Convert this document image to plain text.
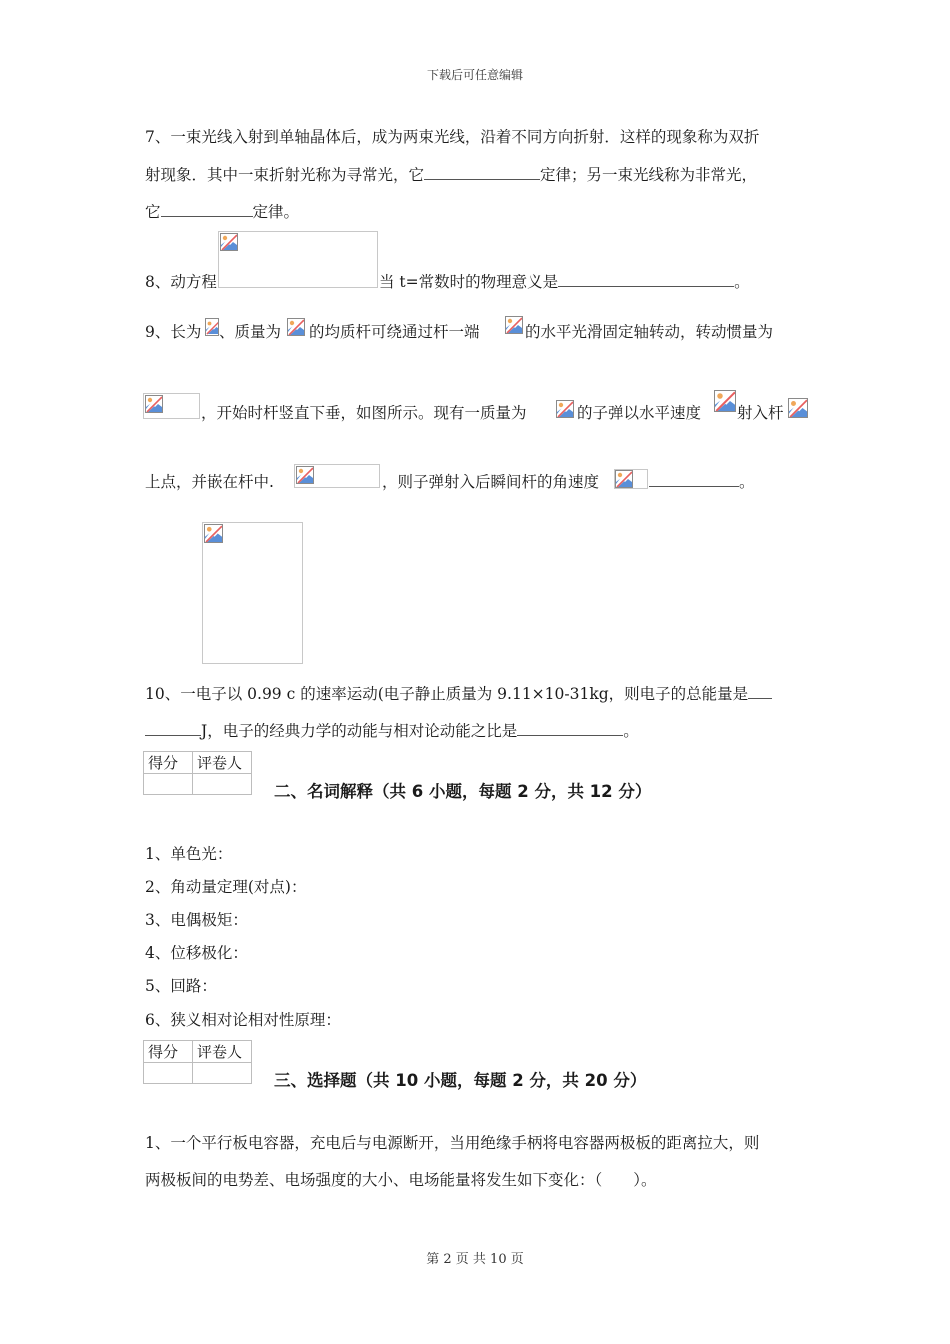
下载后可任意编辑
7、一束光线入射到单轴晶体后，成为两束光线，沿着不同方向折射．这样的现象称为双折
射现象．其中一束折射光称为寻常光，它	定律；另一束光线称为非常光，
它	定律。
8、动方程	当 t=常数时的物理意义是	。
9、长为 、质量为 的均质杆可绕通过杆一端	的水平光滑固定轴转动，转动惯量为
，开始时杆竖直下垂，如图所示。现有一质量为	的子弹以水平速度 射入杆
上点，并嵌在杆中.	，则子弹射入后瞬间杆的角速度	。
10、一电子以 0.99 c 的速率运动(电子静止质量为 9.11×10-31kg，则电子的总能量是
J，电子的经典力学的动能与相对论动能之比是	。
得分	评卷人

二、名词解释（共 6 小题，每题 2 分，共 12 分）
1、单色光：
2、角动量定理(对点)：
3、电偶极矩：
4、位移极化：
5、回路：
6、狭义相对论相对性原理：
得分	评卷人

三、选择题（共 10 小题，每题 2 分，共 20 分）
1、一个平行板电容器，充电后与电源断开，当用绝缘手柄将电容器两极板的距离拉大，则
两极板间的电势差、电场强度的大小、电场能量将发生如下变化：（　　）。
第 2 页 共 10 页
